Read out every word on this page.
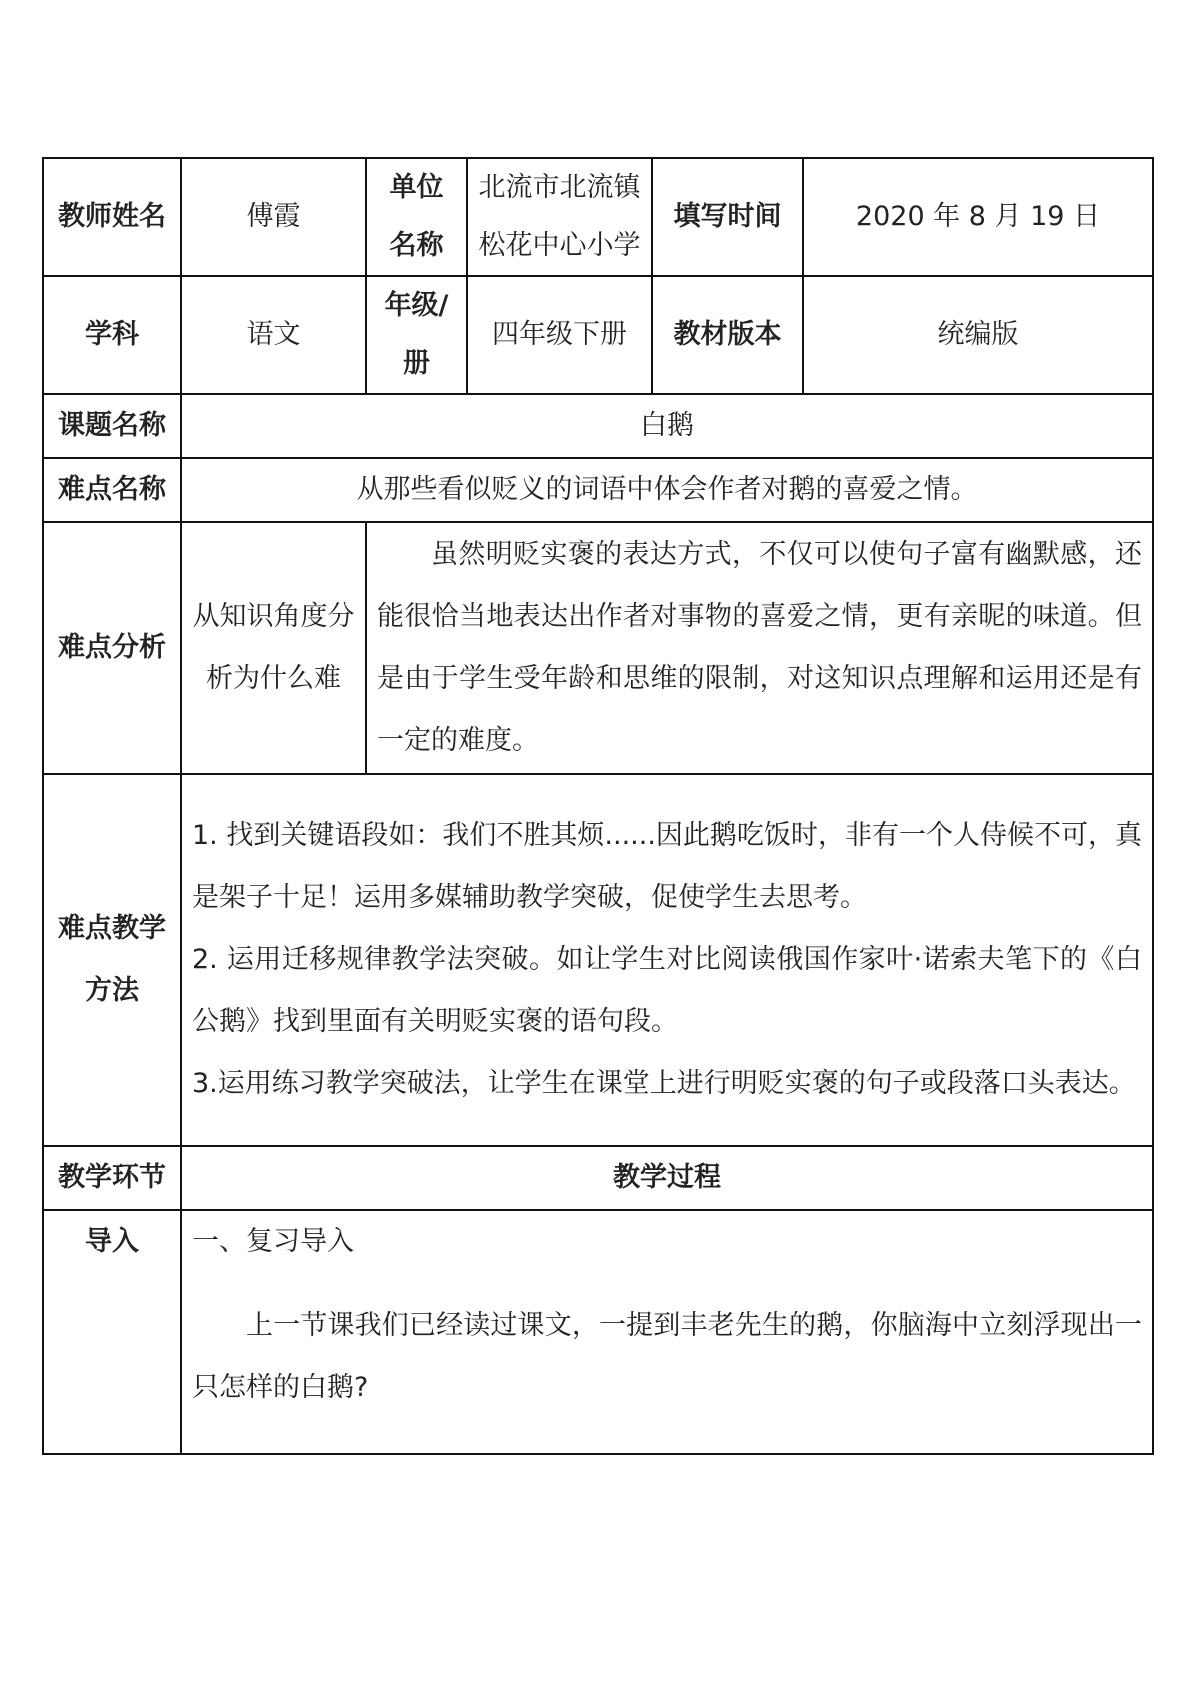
教师姓名	傅霞	单位名称	北流市北流镇松花中心小学	填写时间	2020 年 8 月 19 日
学科	语文	年级/册	四年级下册	教材版本	统编版
课题名称	白鹅				
难点名称	从那些看似贬义的词语中体会作者对鹅的喜爱之情。				
难点分析	从知识角度分析为什么难	虽然明贬实褒的表达方式，不仅可以使句子富有幽默感，还能很恰当地表达出作者对事物的喜爱之情，更有亲昵的味道。但是由于学生受年龄和思维的限制，对这知识点理解和运用还是有一定的难度。			
难点教学方法	1. 找到关键语段如：我们不胜其烦......因此鹅吃饭时，非有一个人侍候不可，真是架子十足！运用多媒辅助教学突破，促使学生去思考。
2. 运用迁移规律教学法突破。如让学生对比阅读俄国作家叶·诺索夫笔下的《白公鹅》找到里面有关明贬实褒的语句段。
3.运用练习教学突破法，让学生在课堂上进行明贬实褒的句子或段落口头表达。				

教学环节	教学过程				
导入	一、复习导入
上一节课我们已经读过课文，一提到丰老先生的鹅，你脑海中立刻浮现出一只怎样的白鹅?				
